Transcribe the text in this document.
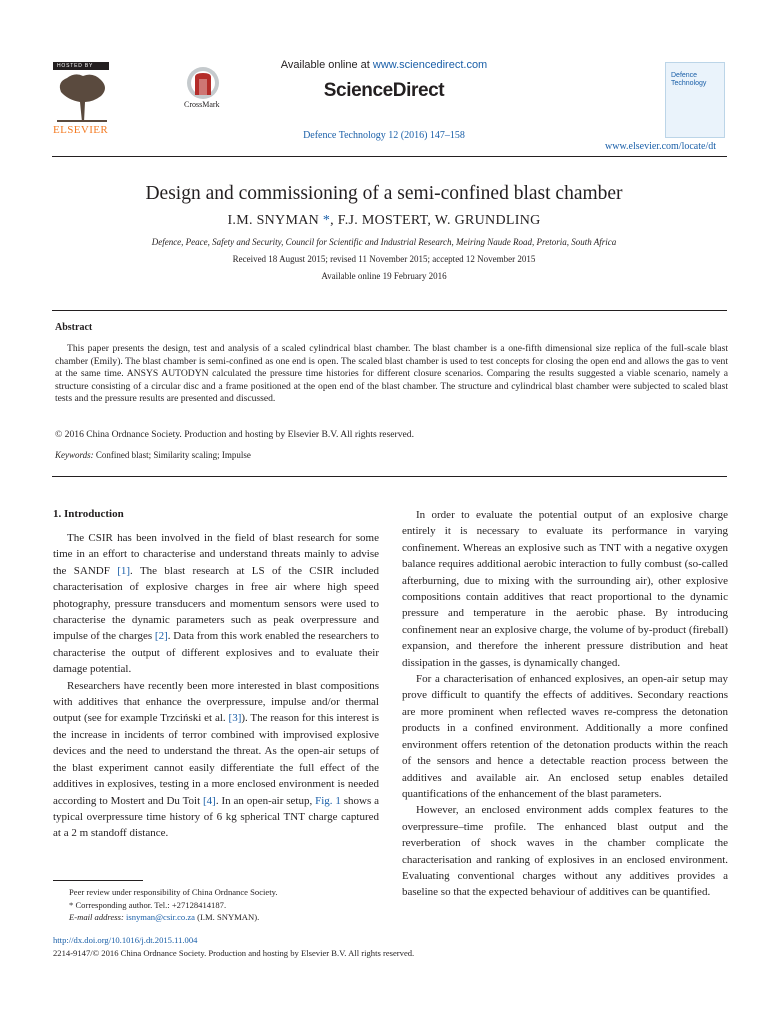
HOSTED BY
ELSEVIER
CrossMark
Available online at www.sciencedirect.com
ScienceDirect
Defence Technology 12 (2016) 147–158
Defence Technology
www.elsevier.com/locate/dt
Design and commissioning of a semi-confined blast chamber
I.M. SNYMAN *, F.J. MOSTERT, W. GRUNDLING
Defence, Peace, Safety and Security, Council for Scientific and Industrial Research, Meiring Naude Road, Pretoria, South Africa
Received 18 August 2015; revised 11 November 2015; accepted 12 November 2015
Available online 19 February 2016
Abstract
This paper presents the design, test and analysis of a scaled cylindrical blast chamber. The blast chamber is a one-fifth dimensional size replica of the full-scale blast chamber (Emily). The blast chamber is semi-confined as one end is open. The scaled blast chamber is used to test concepts for closing the open end and allows the gas to vent at the same time. ANSYS AUTODYN calculated the pressure time histories for different closure scenarios. Comparing the results suggested a viable scenario, namely a structure consisting of a circular disc and a frame positioned at the open end of the blast chamber. The structure and cylindrical blast chamber were subjected to scaled blast tests and the pressure results are presented and discussed.
© 2016 China Ordnance Society. Production and hosting by Elsevier B.V. All rights reserved.
Keywords: Confined blast; Similarity scaling; Impulse
1. Introduction

The CSIR has been involved in the field of blast research for some time in an effort to characterise and understand threats mainly to advise the SANDF [1]. The blast research at LS of the CSIR included characterisation of explosive charges in free air where high speed photography, pressure transducers and momentum sensors were used to characterise the dynamic parameters such as peak overpressure and impulse of the charges [2]. Data from this work enabled the researchers to characterise the output of different explosives and to evaluate their damage potential.

Researchers have recently been more interested in blast compositions with additives that enhance the overpressure, impulse and/or thermal output (see for example Trzciński et al. [3]). The reason for this interest is the increase in incidents of terror combined with improvised explosive devices and the need to understand the threat. As the open-air setups of the blast experiment cannot easily differentiate the full effect of the additives in explosives, testing in a more enclosed environment is needed according to Mostert and Du Toit [4]. In an open-air setup, Fig. 1 shows a typical overpressure time history of 6 kg spherical TNT charge captured at a 2 m standoff distance.

In order to evaluate the potential output of an explosive charge entirely it is necessary to evaluate its performance in varying confinement. Whereas an explosive such as TNT with a negative oxygen balance requires additional aerobic interaction to fully combust (so-called afterburning, due to mixing with the surrounding air), other explosive compositions contain additives that react proportional to the dynamic pressure and temperature in the aerobic phase. By introducing confinement near an explosive charge, the volume of by-product (fireball) expansion, and therefore the inherent pressure distribution and heat dissipation in the gasses, is dynamically changed.

For a characterisation of enhanced explosives, an open-air setup may prove difficult to quantify the effects of additives. Secondary reactions are more prominent when reflected waves re-compress the detonation products in a confined environment. Additionally a more confined environment offers retention of the detonation products within the reach of the sensors and hence a detectable reaction process between the additives and available air. An enclosed setup enables detailed quantifications of the enhancement of the blast parameters.

However, an enclosed environment adds complex features to the overpressure–time profile. The enhanced blast output and the reverberation of shock waves in the chamber complicate the characterisation and ranking of explosives in an enclosed environment. Evaluating conventional charges without any additives provides a baseline so that the expected behaviour of additives can be quantified.

Peer review under responsibility of China Ordnance Society.
* Corresponding author. Tel.: +27128414187.
E-mail address: isnyman@csir.co.za (I.M. SNYMAN).
http://dx.doi.org/10.1016/j.dt.2015.11.004
2214-9147/© 2016 China Ordnance Society. Production and hosting by Elsevier B.V. All rights reserved.
